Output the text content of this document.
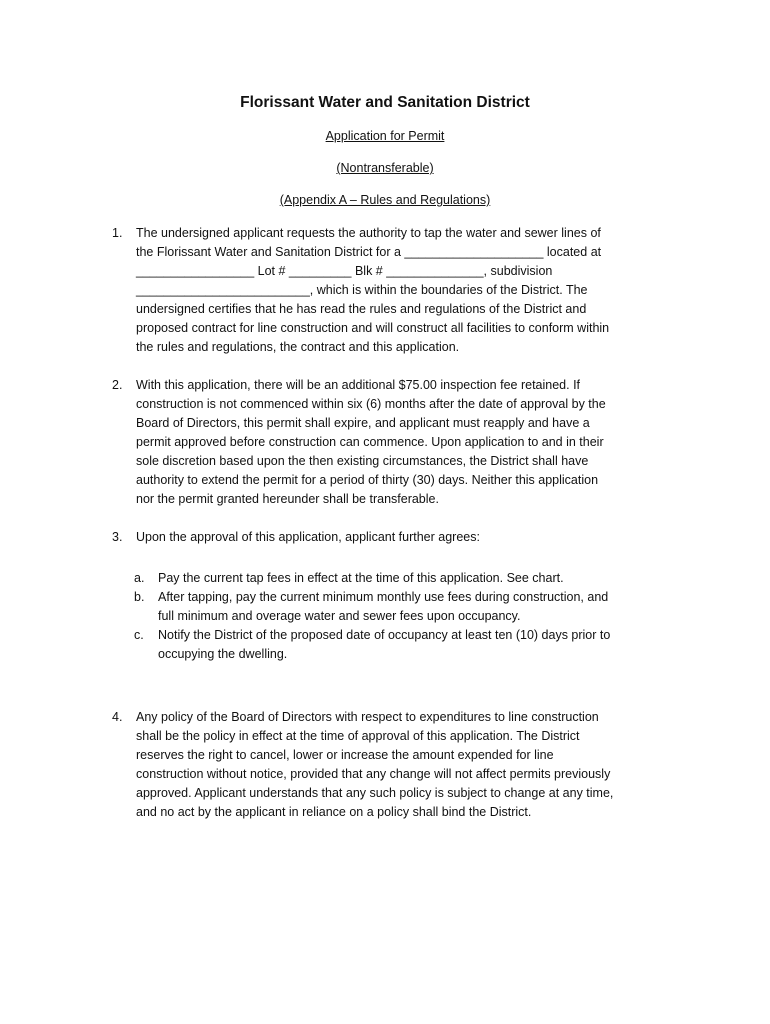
Florissant Water and Sanitation District
Application for Permit
(Nontransferable)
(Appendix A – Rules and Regulations)
1. The undersigned applicant requests the authority to tap the water and sewer lines of
the Florissant Water and Sanitation District for a ____________________ located at
_________________ Lot # _________ Blk # ______________, subdivision
_________________________, which is within the boundaries of the District. The
undersigned certifies that he has read the rules and regulations of the District and
proposed contract for line construction and will construct all facilities to conform within
the rules and regulations, the contract and this application.
2. With this application, there will be an additional $75.00 inspection fee retained. If
construction is not commenced within six (6) months after the date of approval by the
Board of Directors, this permit shall expire, and applicant must reapply and have a
permit approved before construction can commence. Upon application to and in their
sole discretion based upon the then existing circumstances, the District shall have
authority to extend the permit for a period of thirty (30) days. Neither this application
nor the permit granted hereunder shall be transferable.
3. Upon the approval of this application, applicant further agrees:
a. Pay the current tap fees in effect at the time of this application. See chart.
b. After tapping, pay the current minimum monthly use fees during construction, and
full minimum and overage water and sewer fees upon occupancy.
c. Notify the District of the proposed date of occupancy at least ten (10) days prior to
occupying the dwelling.
4. Any policy of the Board of Directors with respect to expenditures to line construction
shall be the policy in effect at the time of approval of this application. The District
reserves the right to cancel, lower or increase the amount expended for line
construction without notice, provided that any change will not affect permits previously
approved. Applicant understands that any such policy is subject to change at any time,
and no act by the applicant in reliance on a policy shall bind the District.
